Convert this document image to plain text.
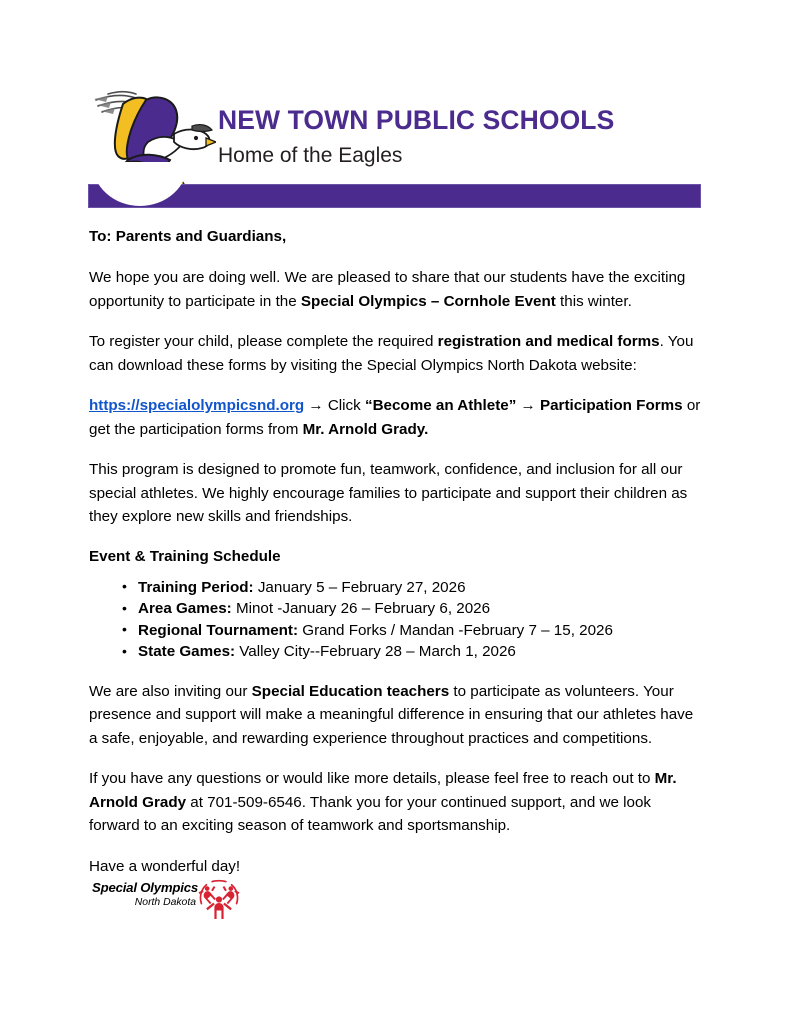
NEW TOWN PUBLIC SCHOOLS
Home of the Eagles

To: Parents and Guardians,

We hope you are doing well. We are pleased to share that our students have the exciting opportunity to participate in the Special Olympics – Cornhole Event this winter.

To register your child, please complete the required registration and medical forms. You can download these forms by visiting the Special Olympics North Dakota website:

https://specialolympicsnd.org → Click “Become an Athlete” → Participation Forms or get the participation forms from Mr. Arnold Grady.

This program is designed to promote fun, teamwork, confidence, and inclusion for all our special athletes. We highly encourage families to participate and support their children as they explore new skills and friendships.

Event & Training Schedule

• Training Period: January 5 – February 27, 2026
• Area Games: Minot -January 26 – February 6, 2026
• Regional Tournament: Grand Forks / Mandan -February 7 – 15, 2026
• State Games: Valley City--February 28 – March 1, 2026

We are also inviting our Special Education teachers to participate as volunteers. Your presence and support will make a meaningful difference in ensuring that our athletes have a safe, enjoyable, and rewarding experience throughout practices and competitions.

If you have any questions or would like more details, please feel free to reach out to Mr. Arnold Grady at 701-509-6546. Thank you for your continued support, and we look forward to an exciting season of teamwork and sportsmanship.

Have a wonderful day!

Special Olympics
North Dakota
